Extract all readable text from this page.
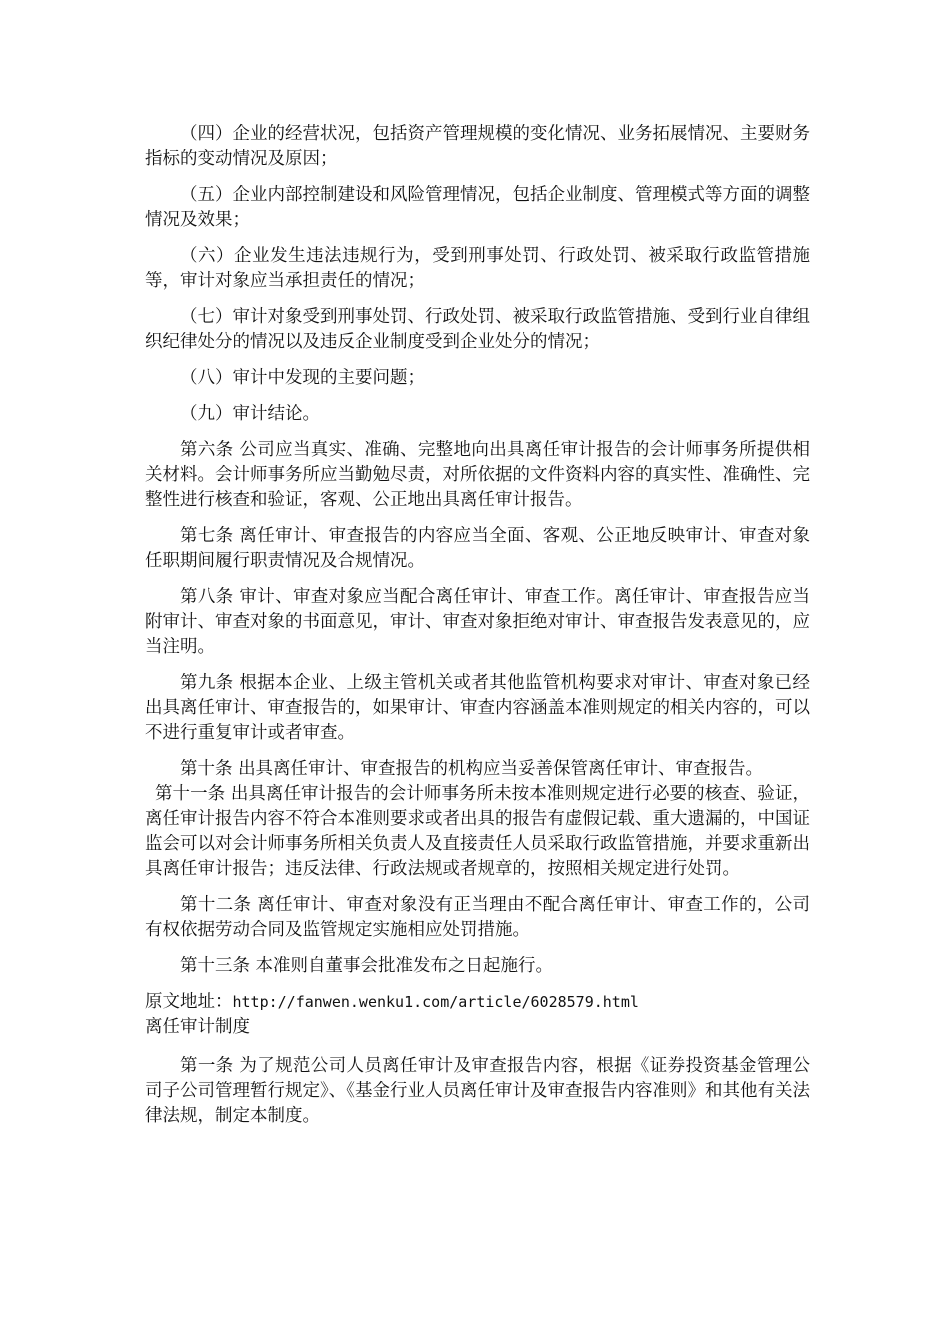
（四）企业的经营状况，包括资产管理规模的变化情况、业务拓展情况、主要财务指标的变动情况及原因；

（五）企业内部控制建设和风险管理情况，包括企业制度、管理模式等方面的调整情况及效果；

（六）企业发生违法违规行为，受到刑事处罚、行政处罚、被采取行政监管措施等，审计对象应当承担责任的情况；

（七）审计对象受到刑事处罚、行政处罚、被采取行政监管措施、受到行业自律组织纪律处分的情况以及违反企业制度受到企业处分的情况；

（八）审计中发现的主要问题；

（九）审计结论。

第六条 公司应当真实、准确、完整地向出具离任审计报告的会计师事务所提供相关材料。会计师事务所应当勤勉尽责，对所依据的文件资料内容的真实性、准确性、完整性进行核查和验证，客观、公正地出具离任审计报告。

第七条 离任审计、审查报告的内容应当全面、客观、公正地反映审计、审查对象任职期间履行职责情况及合规情况。

第八条 审计、审查对象应当配合离任审计、审查工作。离任审计、审查报告应当附审计、审查对象的书面意见，审计、审查对象拒绝对审计、审查报告发表意见的，应当注明。

第九条 根据本企业、上级主管机关或者其他监管机构要求对审计、审查对象已经出具离任审计、审查报告的，如果审计、审查内容涵盖本准则规定的相关内容的，可以不进行重复审计或者审查。

第十条 出具离任审计、审查报告的机构应当妥善保管离任审计、审查报告。

第十一条 出具离任审计报告的会计师事务所未按本准则规定进行必要的核查、验证，离任审计报告内容不符合本准则要求或者出具的报告有虚假记载、重大遗漏的，中国证监会可以对会计师事务所相关负责人及直接责任人员采取行政监管措施，并要求重新出具离任审计报告；违反法律、行政法规或者规章的，按照相关规定进行处罚。

第十二条 离任审计、审查对象没有正当理由不配合离任审计、审查工作的，公司有权依据劳动合同及监管规定实施相应处罚措施。

第十三条 本准则自董事会批准发布之日起施行。

原文地址：http://fanwen.wenku1.com/article/6028579.html
离任审计制度

第一条 为了规范公司人员离任审计及审查报告内容，根据《证券投资基金管理公司子公司管理暂行规定》、《基金行业人员离任审计及审查报告内容准则》和其他有关法律法规，制定本制度。
